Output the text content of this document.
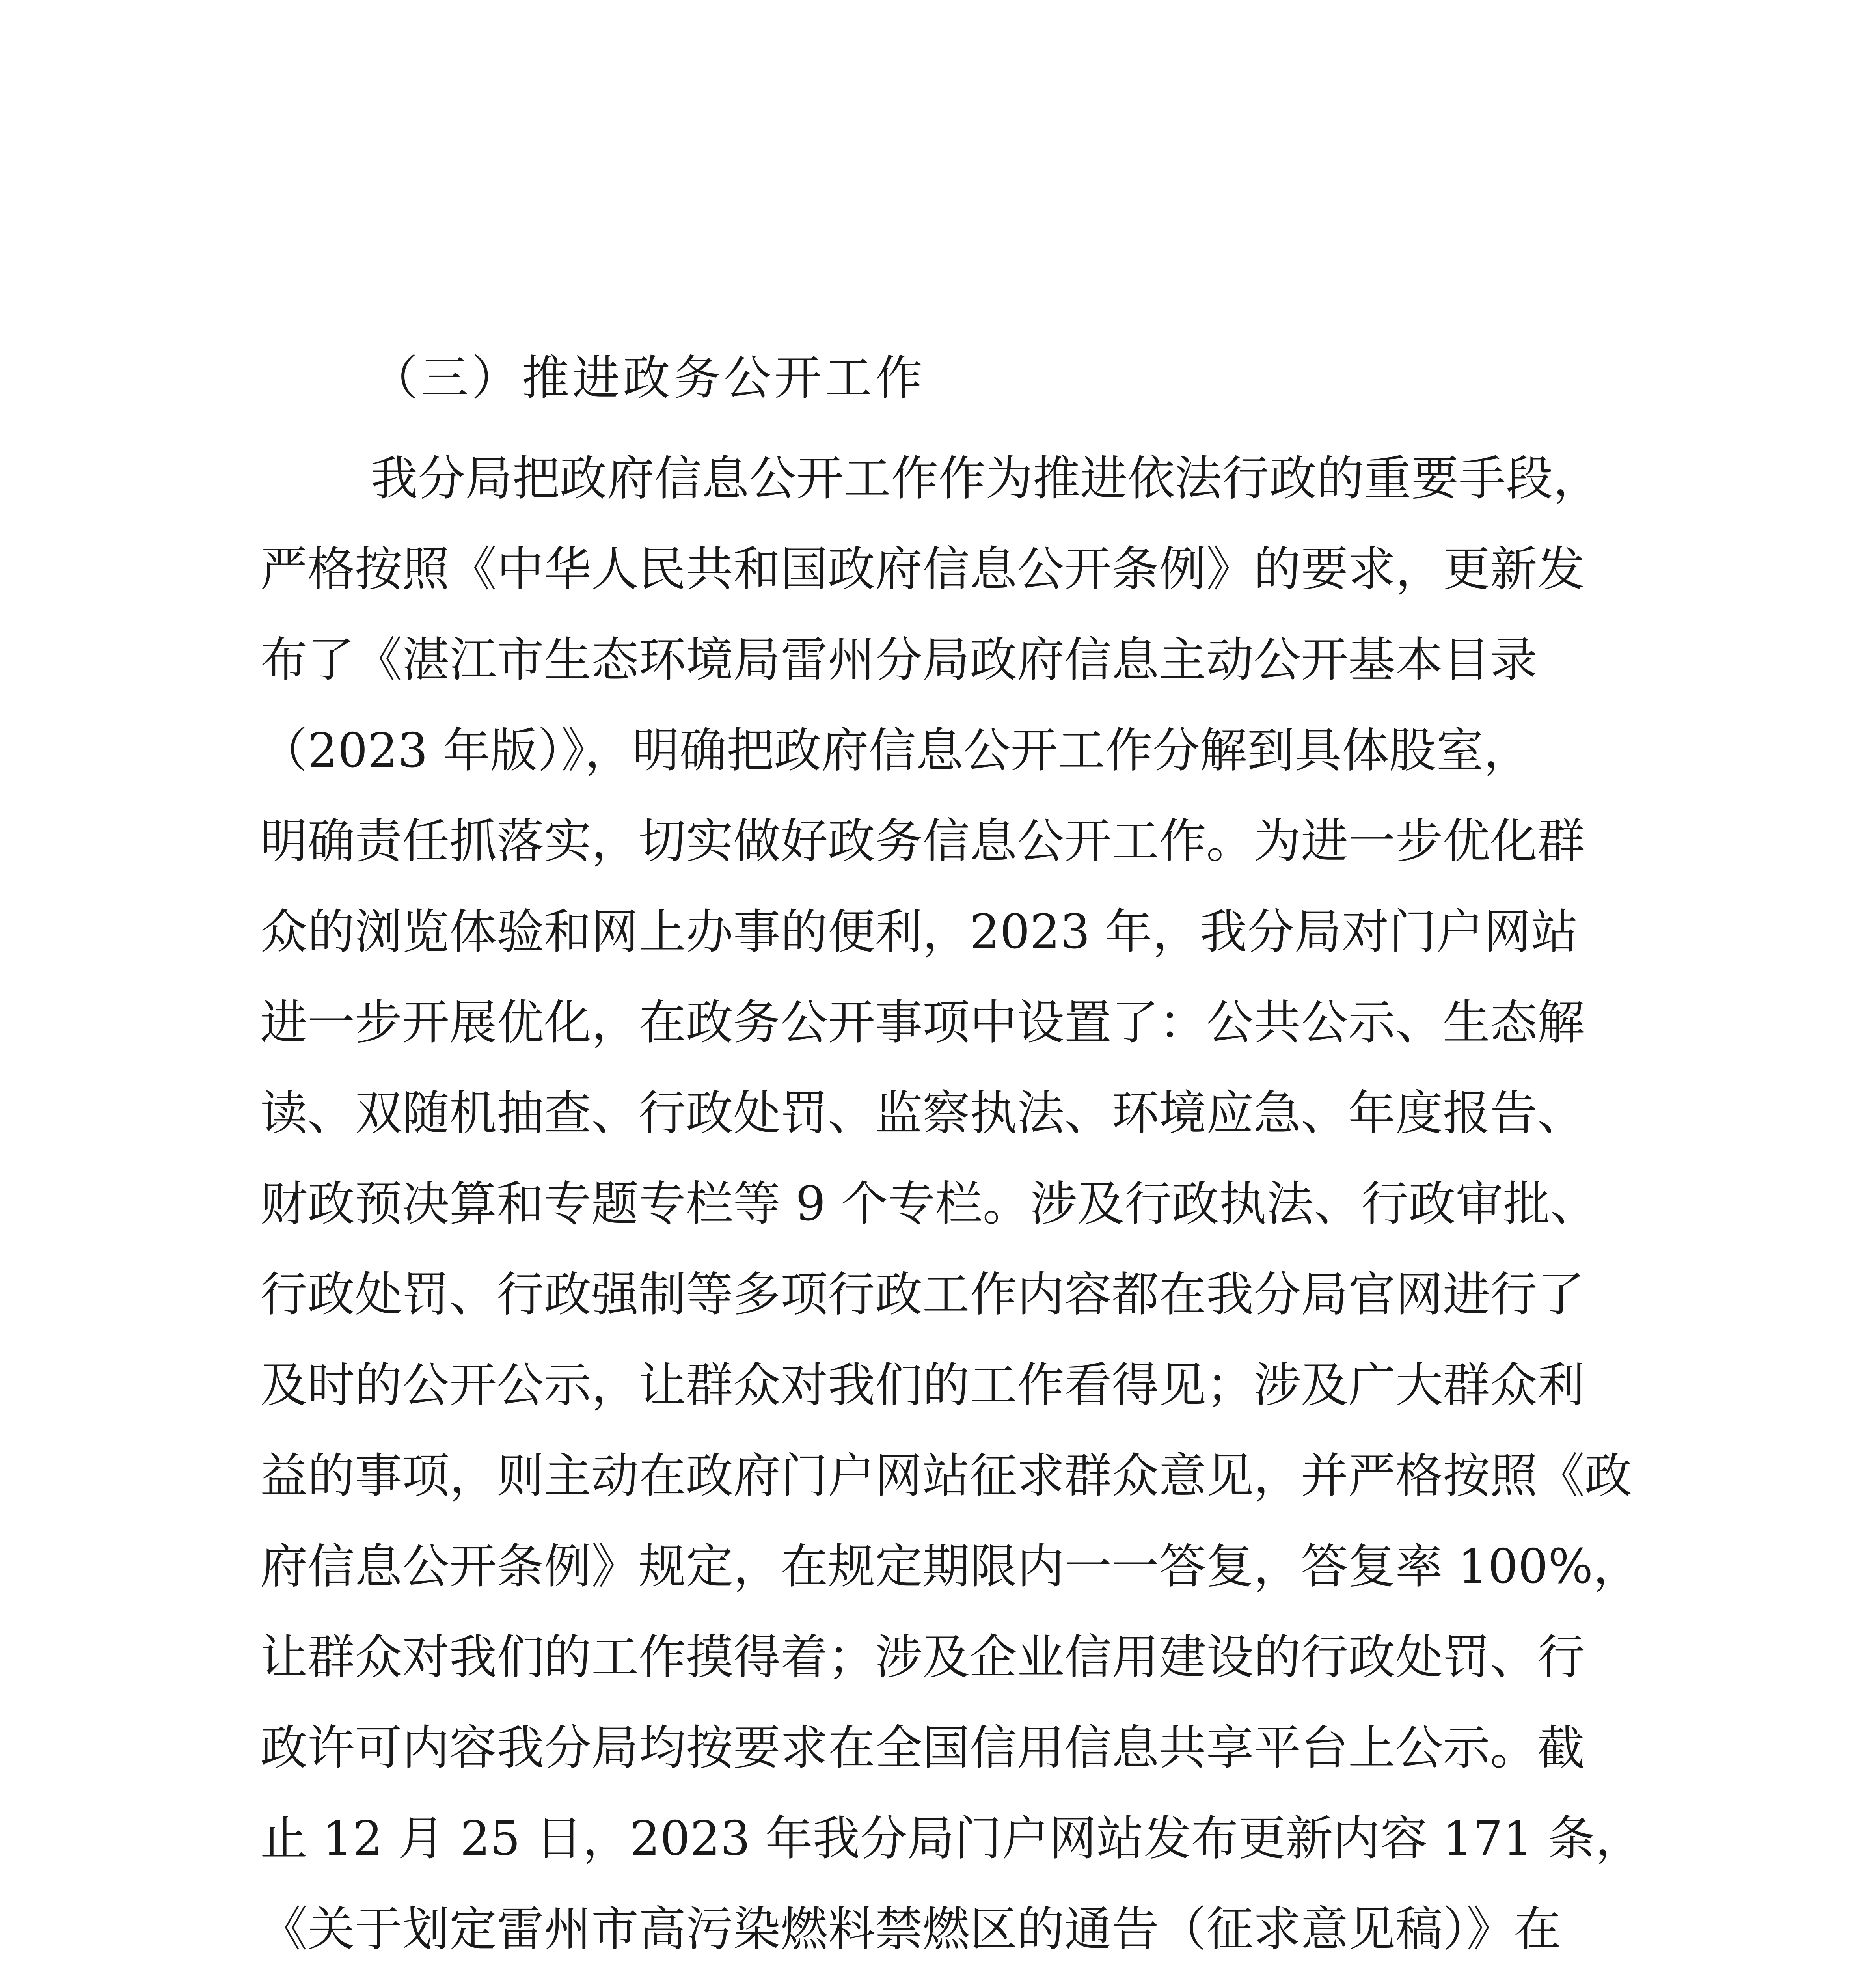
（三）推进政务公开工作
我分局把政府信息公开工作作为推进依法行政的重要手段，
严格按照《中华人民共和国政府信息公开条例》的要求，更新发
布了《湛江市生态环境局雷州分局政府信息主动公开基本目录
（2023 年版）》，明确把政府信息公开工作分解到具体股室，
明确责任抓落实，切实做好政务信息公开工作。为进一步优化群
众的浏览体验和网上办事的便利，2023 年，我分局对门户网站
进一步开展优化，在政务公开事项中设置了：公共公示、生态解
读、双随机抽查、行政处罚、监察执法、环境应急、年度报告、
财政预决算和专题专栏等 9 个专栏。涉及行政执法、行政审批、
行政处罚、行政强制等多项行政工作内容都在我分局官网进行了
及时的公开公示，让群众对我们的工作看得见；涉及广大群众利
益的事项，则主动在政府门户网站征求群众意见，并严格按照《政
府信息公开条例》规定，在规定期限内一一答复，答复率 100%，
让群众对我们的工作摸得着；涉及企业信用建设的行政处罚、行
政许可内容我分局均按要求在全国信用信息共享平台上公示。截
止 12 月 25 日，2023 年我分局门户网站发布更新内容 171 条，
《关于划定雷州市高污染燃料禁燃区的通告（征求意见稿）》在
